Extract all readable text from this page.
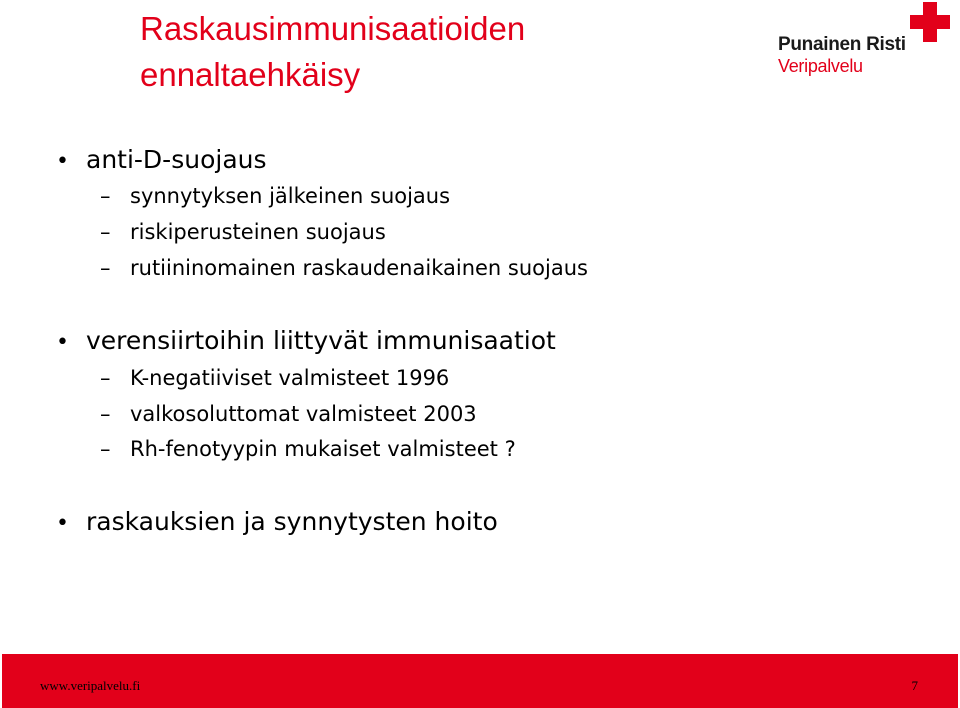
Raskausimmunisaatioiden
ennaltaehkäisy
Punainen Risti
Veripalvelu
• anti-D-suojaus
– synnytyksen jälkeinen suojaus
– riskiperusteinen suojaus
– rutiininomainen raskaudenaikainen suojaus
• verensiirtoihin liittyvät immunisaatiot
– K-negatiiviset valmisteet 1996
– valkosoluttomat valmisteet 2003
– Rh-fenotyypin mukaiset valmisteet ?
• raskauksien ja synnytysten hoito
www.veripalvelu.fi	7
